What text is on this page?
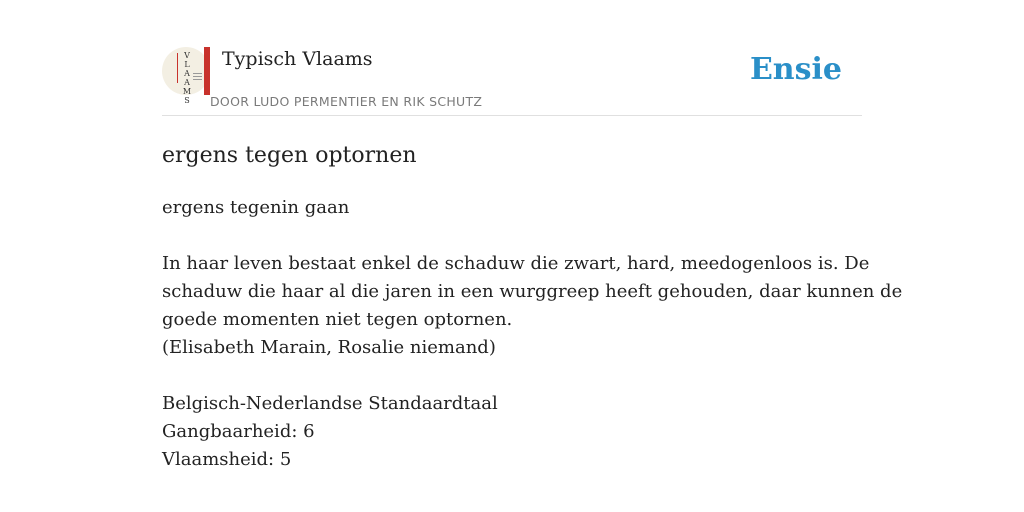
V
L
A
A
M
S
Typisch Vlaams
DOOR LUDO PERMENTIER EN RIK SCHUTZ
Ensie
ergens tegen optornen
ergens tegenin gaan
In haar leven bestaat enkel de schaduw die zwart, hard, meedogenloos is. De
schaduw die haar al die jaren in een wurggreep heeft gehouden, daar kunnen de
goede momenten niet tegen optornen.
(Elisabeth Marain, Rosalie niemand)
Belgisch-Nederlandse Standaardtaal
Gangbaarheid: 6
Vlaamsheid: 5
